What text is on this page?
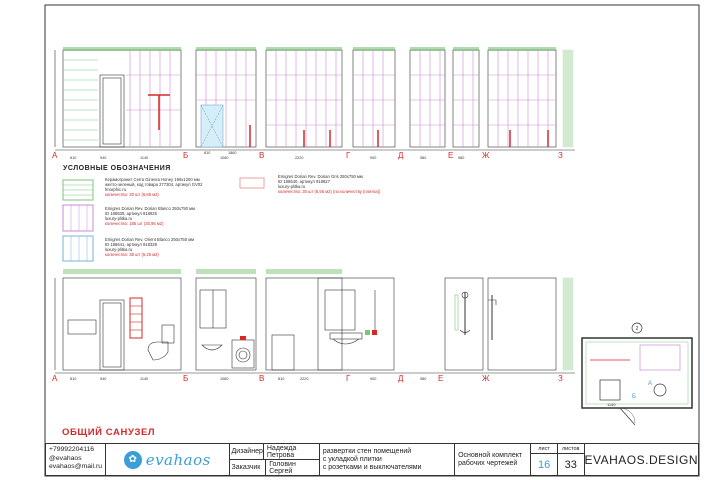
УСЛОВНЫЕ ОБОЗНАЧЕНИЯ
Керамогранит Cerra Ginevra Honey 196x1200 мм
желто-зеленый, код товара 277304, артикул GV02
fmorphic.ru
количество: 30 шт (6,65 м2)
Emigres Dorian Rev. Dorian Blanco 250x750 мм
ID 188635, артикул 918825
luxury-plitka.ru
количество: 165 шт (30,95 м2)
Emigres Dorian Rev. Orient Blanco 250x750 мм
ID 188641, артикул 918328
luxury-plitka.ru
количество: 38 шт (5,25 м2)
Emigres Dorian Rev. Dorian Gris 250x750 мм
ID 188640, артикул 918827
luxury-plitka.ru
количество: 30 шт (6,56 м2) (по количеству (плитка))
2
1140
А
Б
ОБЩИЙ САНУЗЕЛ
А	Б	В	Г	Д	Е	Ж	З
А	Б	В	Г	Д	Е	Ж	З
810	940	1140	1080
810	1860
2220	900	980	980
810	940	1140	1080	810	2220	900	980
+79992204116
@evahaos
evahaos@mail.ru
✿ evahaos	Дизайнер Надежда Петрова
Заказчик	Головин Сергей
развертки стен помещений
с укладкой плитки
с розетками и выключателями
Основной комплект
рабочих чертежей
лист	листов
16	33 EVAHAOS.DESIGN
